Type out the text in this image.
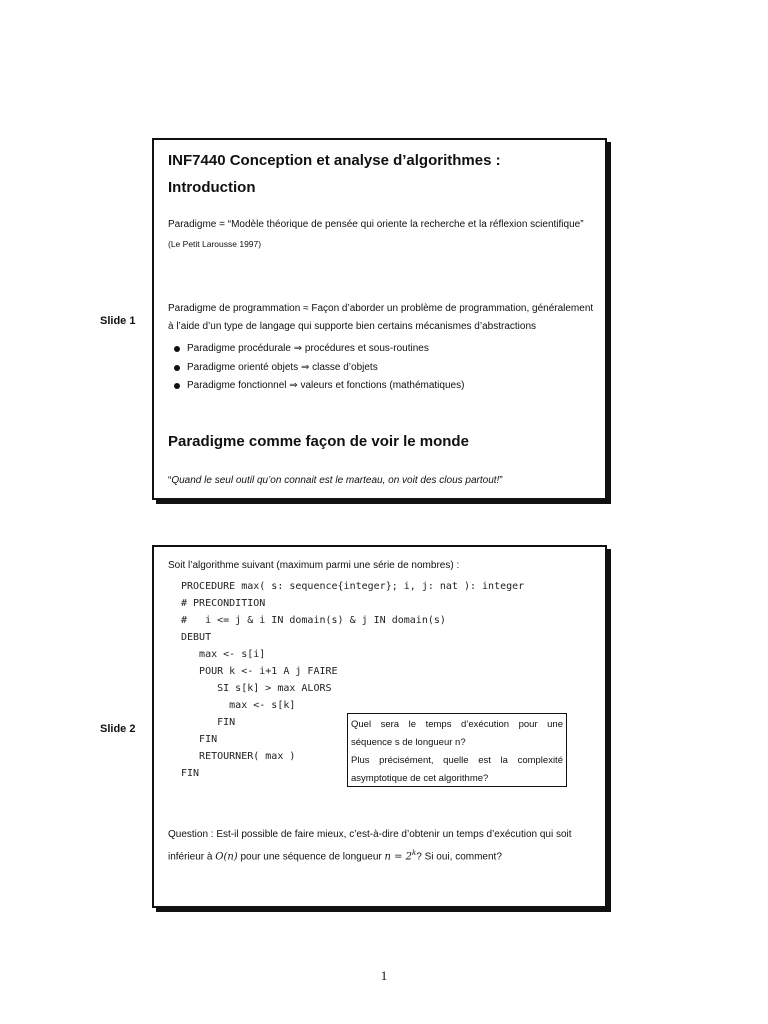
Slide 1
INF7440 Conception et analyse d’algorithmes :
Introduction
Paradigme = “Modèle théorique de pensée qui oriente la recherche et la réflexion scientifique”
(Le Petit Larousse 1997)
Paradigme de programmation ≈ Façon d’aborder un problème de programmation, généralement
à l’aide d’un type de langage qui supporte bien certains mécanismes d’abstractions
Paradigme procédurale ⇒ procédures et sous-routines
Paradigme orienté objets ⇒ classe d’objets
Paradigme fonctionnel ⇒ valeurs et fonctions (mathématiques)
Paradigme comme façon de voir le monde
“Quand le seul outil qu’on connait est le marteau, on voit des clous partout!”
Slide 2
Soit l’algorithme suivant (maximum parmi une série de nombres) :
PROCEDURE max( s: sequence{integer}; i, j: nat ): integer
# PRECONDITION
#   i <= j & i IN domain(s) & j IN domain(s)
DEBUT
max <- s[i]
POUR k <- i+1 A j FAIRE
SI s[k] > max ALORS
max <- s[k]
FIN
FIN
RETOURNER( max )
FIN
Quel sera le temps d’exécution pour une
séquence s de longueur n?
Plus précisément, quelle est la complexité
asymptotique de cet algorithme?
Question : Est-il possible de faire mieux, c’est-à-dire d’obtenir un temps d’exécution qui soit
inférieur à O(n) pour une séquence de longueur $n = 2^k$? Si oui, comment?
1
